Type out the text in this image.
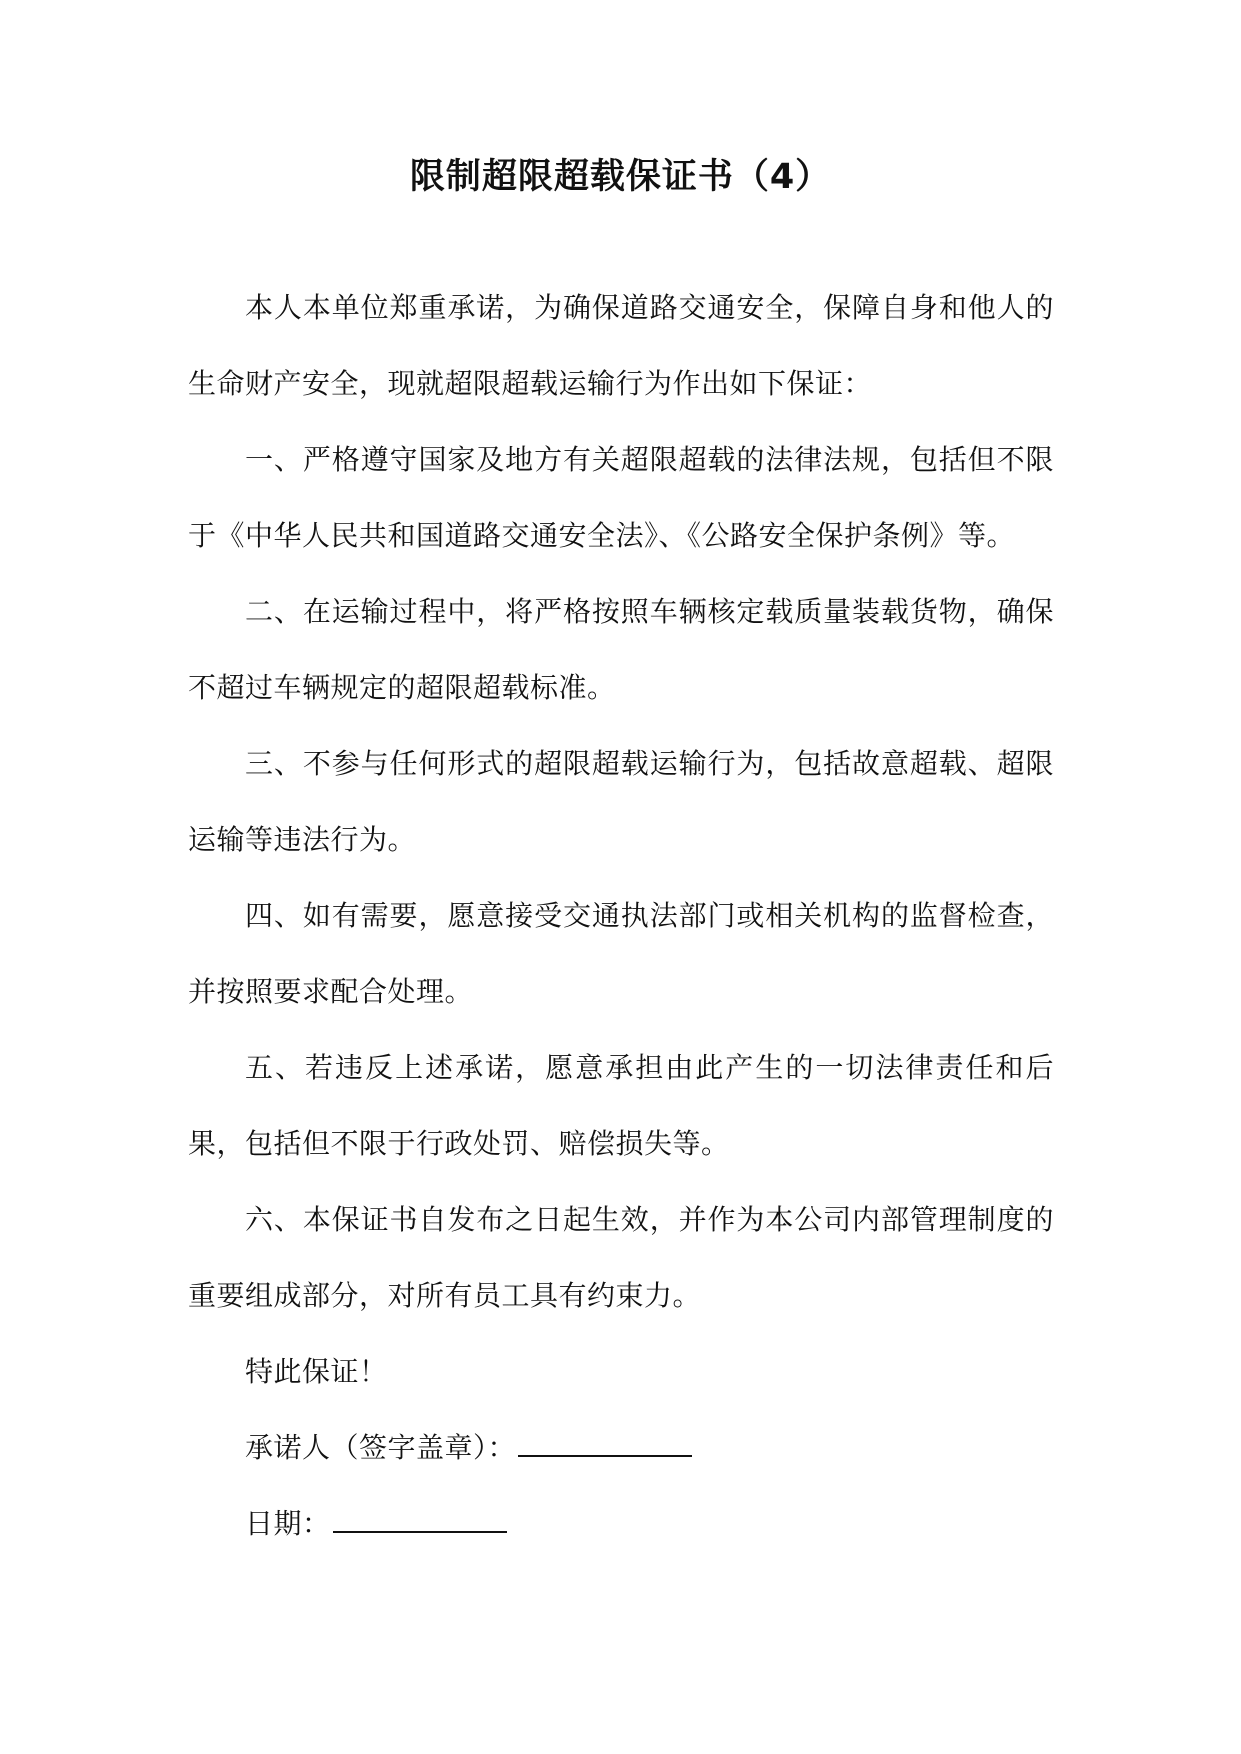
限制超限超载保证书（4）

本人本单位郑重承诺，为确保道路交通安全，保障自身和他人的生命财产安全，现就超限超载运输行为作出如下保证：

一、严格遵守国家及地方有关超限超载的法律法规，包括但不限于《中华人民共和国道路交通安全法》、《公路安全保护条例》等。

二、在运输过程中，将严格按照车辆核定载质量装载货物，确保不超过车辆规定的超限超载标准。

三、不参与任何形式的超限超载运输行为，包括故意超载、超限运输等违法行为。

四、如有需要，愿意接受交通执法部门或相关机构的监督检查，并按照要求配合处理。

五、若违反上述承诺，愿意承担由此产生的一切法律责任和后果，包括但不限于行政处罚、赔偿损失等。

六、本保证书自发布之日起生效，并作为本公司内部管理制度的重要组成部分，对所有员工具有约束力。

特此保证！

承诺人（签字盖章）：

日期：
